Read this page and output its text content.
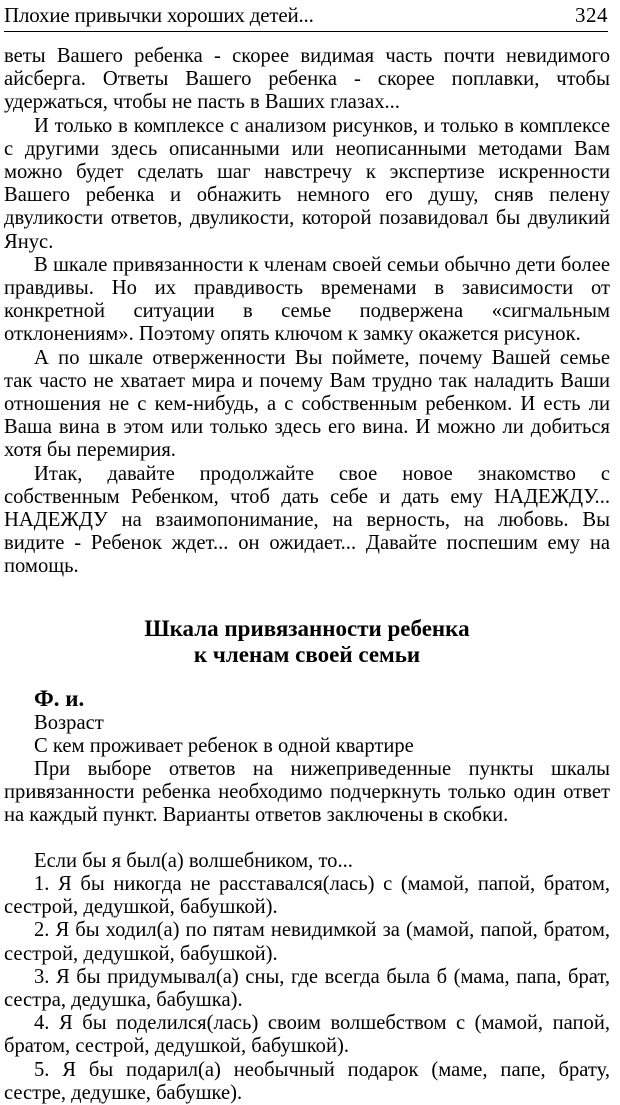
Плохие привычки хороших детей...	324

веты Вашего ребенка - скорее видимая часть почти невидимого айсберга. Ответы Вашего ребенка - скорее поплавки, чтобы удержаться, чтобы не пасть в Ваших глазах...

И только в комплексе с анализом рисунков, и только в комплексе с другими здесь описанными или неописанными методами Вам можно будет сделать шаг навстречу к экспертизе искренности Вашего ребенка и обнажить немного его душу, сняв пелену двуликости ответов, двуликости, которой позавидовал бы двуликий Янус.

В шкале привязанности к членам своей семьи обычно дети более правдивы. Но их правдивость временами в зависимости от конкретной ситуации в семье подвержена «сигмальным отклонениям». Поэтому опять ключом к замку окажется рисунок.

А по шкале отверженности Вы поймете, почему Вашей семье так часто не хватает мира и почему Вам трудно так наладить Ваши отношения не с кем-нибудь, а с собственным ребенком. И есть ли Ваша вина в этом или только здесь его вина. И можно ли добиться хотя бы перемирия.

Итак, давайте продолжайте свое новое знакомство с собственным Ребенком, чтоб дать себе и дать ему НАДЕЖДУ... НАДЕЖДУ на взаимопонимание, на верность, на любовь. Вы видите - Ребенок ждет... он ожидает... Давайте поспешим ему на помощь.

Шкала привязанности ребенка
к членам своей семьи
Ф. и.
Возраст
С кем проживает ребенок в одной квартире

При выборе ответов на нижеприведенные пункты шкалы привязанности ребенка необходимо подчеркнуть только один ответ на каждый пункт. Варианты ответов заключены в скобки.

Если бы я был(а) волшебником, то...

1. Я бы никогда не расставался(лась) с (мамой, папой, братом, сестрой, дедушкой, бабушкой).

2. Я бы ходил(а) по пятам невидимкой за (мамой, папой, братом, сестрой, дедушкой, бабушкой).

3. Я бы придумывал(а) сны, где всегда была б (мама, папа, брат, сестра, дедушка, бабушка).

4. Я бы поделился(лась) своим волшебством с (мамой, папой, братом, сестрой, дедушкой, бабушкой).

5. Я бы подарил(а) необычный подарок (маме, папе, брату, сестре, дедушке, бабушке).
